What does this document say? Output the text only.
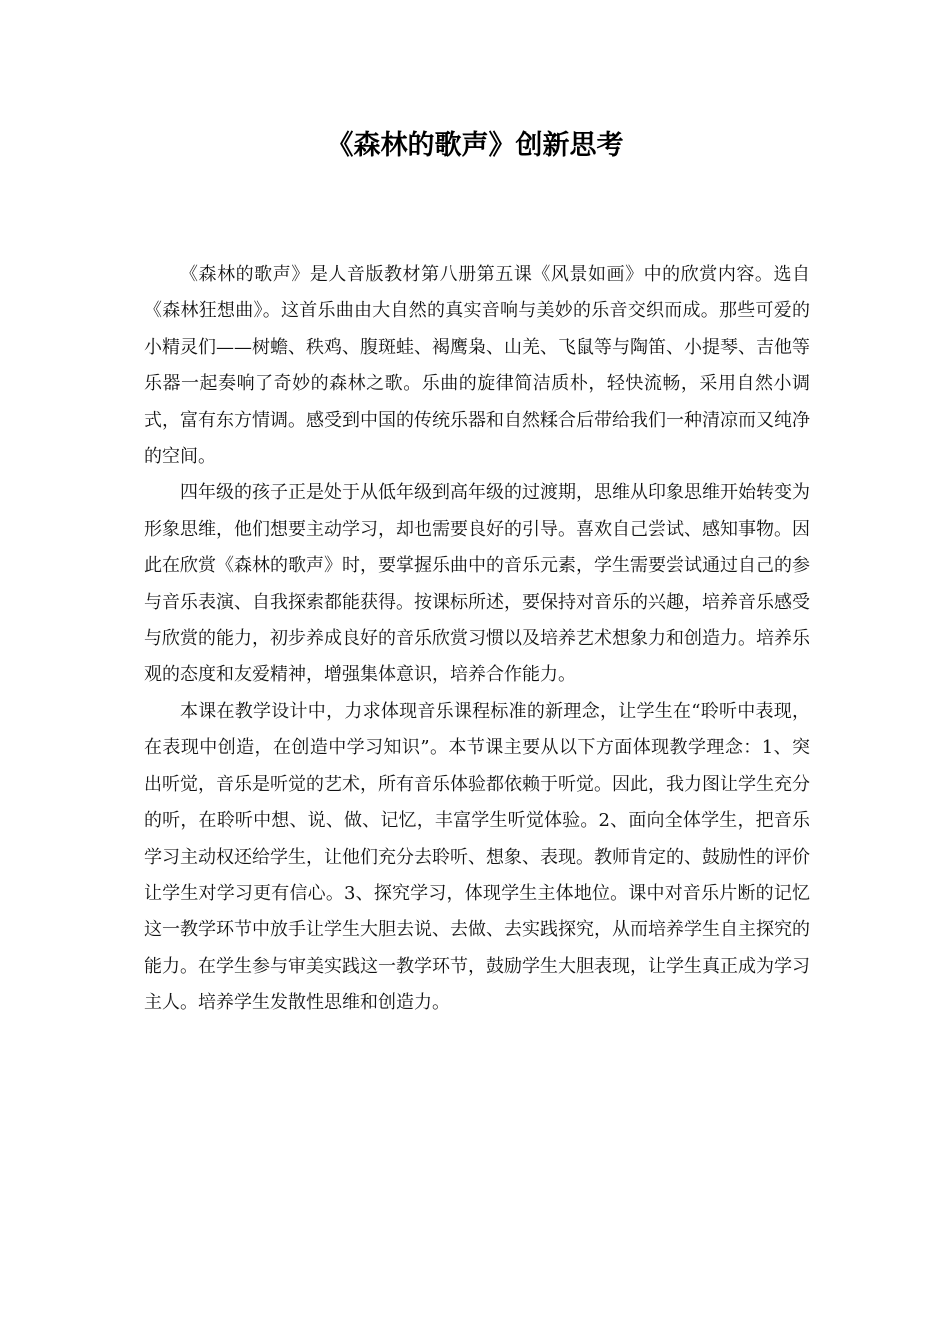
《森林的歌声》创新思考

《森林的歌声》是人音版教材第八册第五课《风景如画》中的欣赏内容。选自《森林狂想曲》。这首乐曲由大自然的真实音响与美妙的乐音交织而成。那些可爱的小精灵们——树蟾、秩鸡、腹斑蛙、褐鹰枭、山羌、飞鼠等与陶笛、小提琴、吉他等乐器一起奏响了奇妙的森林之歌。乐曲的旋律简洁质朴，轻快流畅，采用自然小调式，富有东方情调。感受到中国的传统乐器和自然糅合后带给我们一种清凉而又纯净的空间。

四年级的孩子正是处于从低年级到高年级的过渡期，思维从印象思维开始转变为形象思维，他们想要主动学习，却也需要良好的引导。喜欢自己尝试、感知事物。因 此在欣赏《森林的歌声》时，要掌握乐曲中的音乐元素，学生需要尝试通过自己的参与音乐表演、自我探索都能获得。按课标所述，要保持对音乐的兴趣，培养音乐感受与欣赏的能力，初步养成良好的音乐欣赏习惯以及培养艺术想象力和创造力。培养乐观的态度和友爱精神，增强集体意识，培养合作能力。

本课在教学设计中，力求体现音乐课程标准的新理念，让学生在“聆听中表现，在表现中创造，在创造中学习知识”。本节课主要从以下方面体现教学理念：1、突出听觉，音乐是听觉的艺术，所有音乐体验都依赖于听觉。因此，我力图让学生充分的听，在聆听中想、说、做、记忆，丰富学生听觉体验。2、面向全体学生，把音乐学习主动权还给学生，让他们充分去聆听、想象、表现。教师肯定的、鼓励性的评价让学生对学习更有信心。3、探究学习，体现学生主体地位。课中对音乐片断的记忆这一教学环节中放手让学生大胆去说、去做、去实践探究，从而培养学生自主探究的能力。在学生参与审美实践这一教学环节，鼓励学生大胆表现，让学生真正成为学习主人。培养学生发散性思维和创造力。
